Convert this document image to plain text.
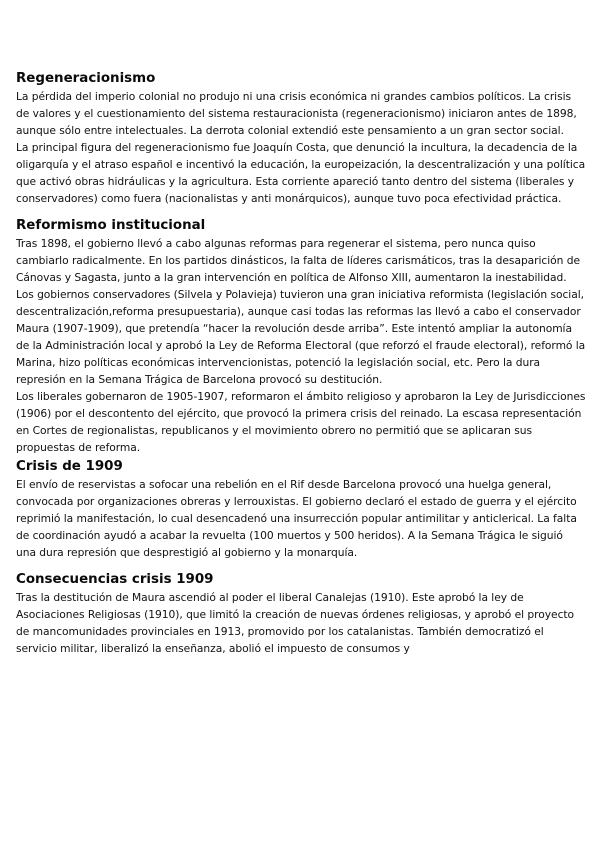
Regeneracionismo

La pérdida del imperio colonial no produjo ni una crisis económica ni grandes cambios políticos. La crisis de valores y el cuestionamiento del sistema restauracionista (regeneracionismo) iniciaron antes de 1898, aunque sólo entre intelectuales. La derrota colonial extendió este pensamiento a un gran sector social.

La principal figura del regeneracionismo fue Joaquín Costa, que denunció la incultura, la decadencia de la oligarquía y el atraso español e incentivó la educación, la europeización, la descentralización y una política que activó obras hidráulicas y la agricultura. Esta corriente apareció tanto dentro del sistema (liberales y conservadores) como fuera (nacionalistas y anti monárquicos), aunque tuvo poca efectividad práctica.

Reformismo institucional

Tras 1898, el gobierno llevó a cabo algunas reformas para regenerar el sistema, pero nunca quiso cambiarlo radicalmente. En los partidos dinásticos, la falta de líderes carismáticos, tras la desaparición de Cánovas y Sagasta, junto a la gran intervención en política de Alfonso XIII, aumentaron la inestabilidad.

Los gobiernos conservadores (Silvela y Polavieja) tuvieron una gran iniciativa reformista (legislación social, descentralización,reforma presupuestaria), aunque casi todas las reformas las llevó a cabo el conservador Maura (1907-1909), que pretendía “hacer la revolución desde arriba”. Este intentó ampliar la autonomía de la Administración local y aprobó la Ley de Reforma Electoral (que reforzó el fraude electoral), reformó la Marina, hizo políticas económicas intervencionistas, potenció la legislación social, etc. Pero la dura represión en la Semana Trágica de Barcelona provocó su destitución.

Los liberales gobernaron de 1905-1907, reformaron el ámbito religioso y aprobaron la Ley de Jurisdicciones (1906) por el descontento del ejército, que provocó la primera crisis del reinado. La escasa representación en Cortes de regionalistas, republicanos y el movimiento obrero no permitió que se aplicaran sus propuestas de reforma.

Crisis de 1909

El envío de reservistas a sofocar una rebelión en el Rif desde Barcelona provocó una huelga general, convocada por organizaciones obreras y lerrouxistas. El gobierno declaró el estado de guerra y el ejército reprimió la manifestación, lo cual desencadenó una insurrección popular antimilitar y anticlerical. La falta de coordinación ayudó a acabar la revuelta (100 muertos y 500 heridos). A la Semana Trágica le siguió una dura represión que desprestigió al gobierno y la monarquía.

Consecuencias crisis 1909

Tras la destitución de Maura ascendió al poder el liberal Canalejas (1910). Este aprobó la ley de Asociaciones Religiosas (1910), que limitó la creación de nuevas órdenes religiosas, y aprobó el proyecto de mancomunidades provinciales en 1913, promovido por los catalanistas. También democratizó el servicio militar, liberalizó la enseñanza, abolió el impuesto de consumos y
